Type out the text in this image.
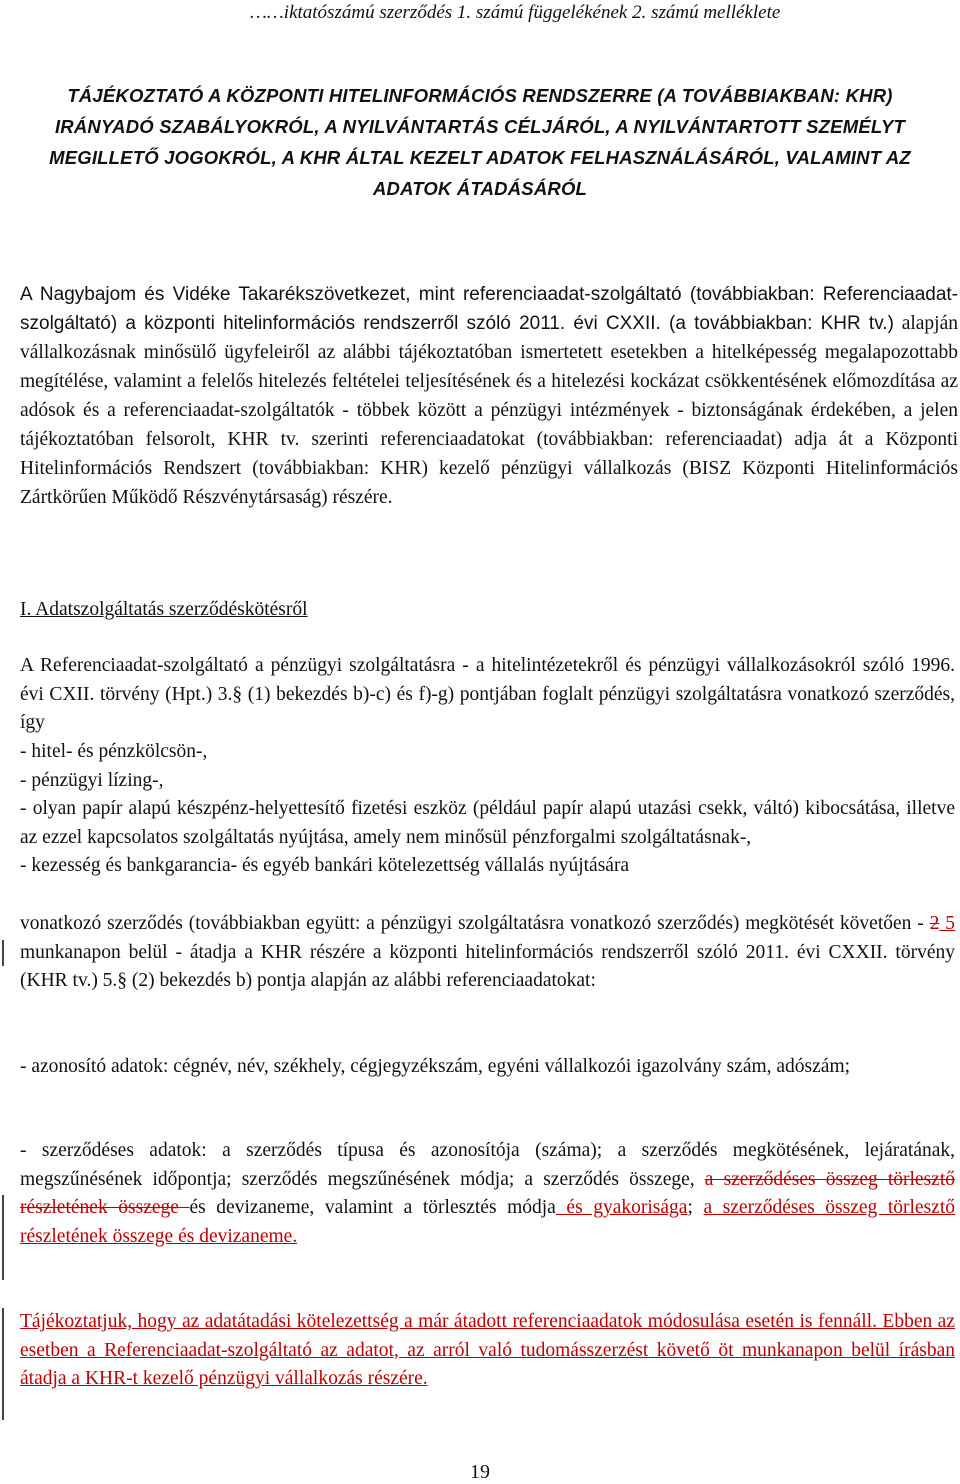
……iktatószámú szerződés 1. számú függelékének 2. számú melléklete
TÁJÉKOZTATÓ A KÖZPONTI HITELINFORMÁCIÓS RENDSZERRE (A TOVÁBBIAKBAN: KHR) IRÁNYADÓ SZABÁLYOKRÓL, A NYILVÁNTARTÁS CÉLJÁRÓL, A NYILVÁNTARTOTT SZEMÉLYT MEGILLETŐ JOGOKRÓL, A KHR ÁLTAL KEZELT ADATOK FELHASZNÁLÁSÁRÓL, VALAMINT AZ ADATOK ÁTADÁSÁRÓL

A Nagybajom és Vidéke Takarékszövetkezet, mint referenciaadat-szolgáltató (továbbiakban: Referenciaadat-szolgáltató) a központi hitelinformációs rendszerről szóló 2011. évi CXXII. (a továbbiakban: KHR tv.) alapján vállalkozásnak minősülő ügyfeleiről az alábbi tájékoztatóban ismertetett esetekben a hitelképesség megalapozottabb megítélése, valamint a felelős hitelezés feltételei teljesítésének és a hitelezési kockázat csökkentésének előmozdítása az adósok és a referenciaadat-szolgáltatók - többek között a pénzügyi intézmények - biztonságának érdekében, a jelen tájékoztatóban felsorolt, KHR tv. szerinti referenciaadatokat (továbbiakban: referenciaadat) adja át a Központi Hitelinformációs Rendszert (továbbiakban: KHR) kezelő pénzügyi vállalkozás (BISZ Központi Hitelinformációs Zártkörűen Működő Részvénytársaság) részére.

I. Adatszolgáltatás szerződéskötésről

A Referenciaadat-szolgáltató a pénzügyi szolgáltatásra - a hitelintézetekről és pénzügyi vállalkozásokról szóló 1996. évi CXII. törvény (Hpt.) 3.§ (1) bekezdés b)-c) és f)-g) pontjában foglalt pénzügyi szolgáltatásra vonatkozó szerződés, így

- hitel- és pénzkölcsön-,
- pénzügyi lízing-,
- olyan papír alapú készpénz-helyettesítő fizetési eszköz (például papír alapú utazási csekk, váltó) kibocsátása, illetve az ezzel kapcsolatos szolgáltatás nyújtása, amely nem minősül pénzforgalmi szolgáltatásnak-,
- kezesség és bankgarancia- és egyéb bankári kötelezettség vállalás nyújtására

vonatkozó szerződés (továbbiakban együtt: a pénzügyi szolgáltatásra vonatkozó szerződés) megkötését követően - 2 5 munkanapon belül - átadja a KHR részére a központi hitelinformációs rendszerről szóló 2011. évi CXXII. törvény (KHR tv.) 5.§ (2) bekezdés b) pontja alapján az alábbi referenciaadatokat:

- azonosító adatok: cégnév, név, székhely, cégjegyzékszám, egyéni vállalkozói igazolvány szám, adószám;

- szerződéses adatok: a szerződés típusa és azonosítója (száma); a szerződés megkötésének, lejáratának, megszűnésének időpontja; szerződés megszűnésének módja; a szerződés összege, a szerződéses összeg törlesztő részletének összege és devizaneme, valamint a törlesztés módja és gyakorisága; a szerződéses összeg törlesztő részletének összege és devizaneme.

Tájékoztatjuk, hogy az adatátadási kötelezettség a már átadott referenciaadatok módosulása esetén is fennáll. Ebben az esetben a Referenciaadat-szolgáltató az adatot, az arról való tudomásszerzést követő öt munkanapon belül írásban átadja a KHR-t kezelő pénzügyi vállalkozás részére.

19
